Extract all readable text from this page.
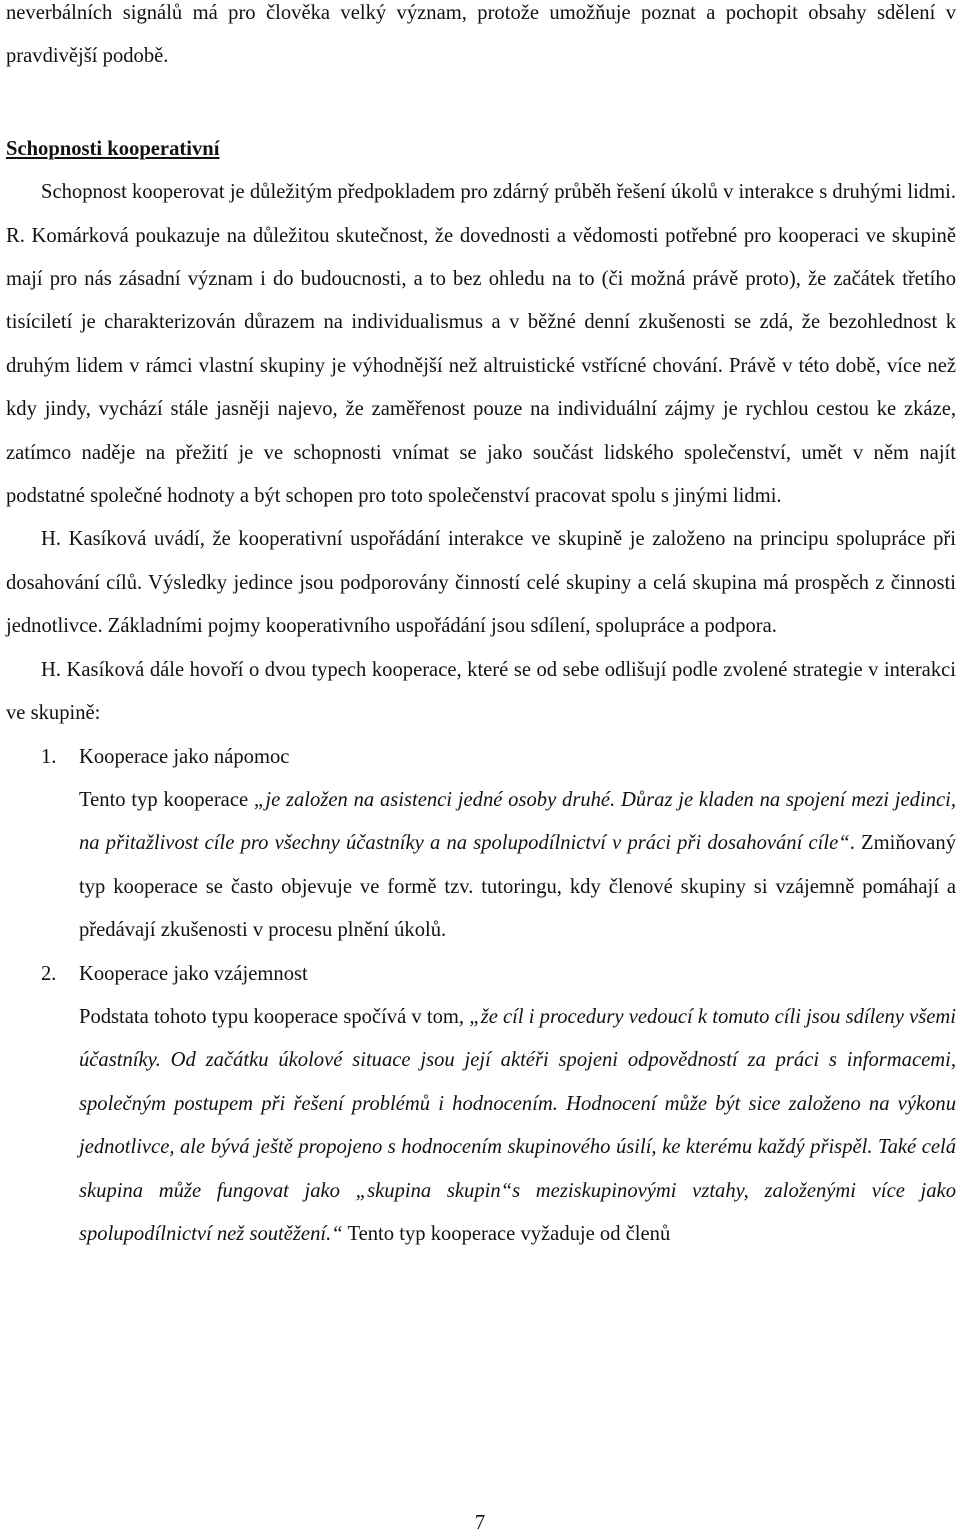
neverbálních signálů má pro člověka velký význam, protože umožňuje poznat a pochopit obsahy sdělení v pravdivější podobě.

Schopnosti kooperativní

Schopnost kooperovat je důležitým předpokladem pro zdárný průběh řešení úkolů v interakce s druhými lidmi. R. Komárková poukazuje na důležitou skutečnost, že dovednosti a vědomosti potřebné pro kooperaci ve skupině mají pro nás zásadní význam i do budoucnosti, a to bez ohledu na to (či možná právě proto), že začátek třetího tisíciletí je charakterizován důrazem na individualismus a v běžné denní zkušenosti se zdá, že bezohlednost k druhým lidem v rámci vlastní skupiny je výhodnější než altruistické vstřícné chování. Právě v této době, více než kdy jindy, vychází stále jasněji najevo, že zaměřenost pouze na individuální zájmy je rychlou cestou ke zkáze, zatímco naděje na přežití je ve schopnosti vnímat se jako součást lidského společenství, umět v něm najít podstatné společné hodnoty a být schopen pro toto společenství pracovat spolu s jinými lidmi.

H. Kasíková uvádí, že kooperativní uspořádání interakce ve skupině je založeno na principu spolupráce při dosahování cílů. Výsledky jedince jsou podporovány činností celé skupiny a celá skupina má prospěch z činnosti jednotlivce. Základními pojmy kooperativního uspořádání jsou sdílení, spolupráce a podpora.

H. Kasíková dále hovoří o dvou typech kooperace, které se od sebe odlišují podle zvolené strategie v interakci ve skupině:

1. Kooperace jako nápomoc

Tento typ kooperace „je založen na asistenci jedné osoby druhé. Důraz je kladen na spojení mezi jedinci, na přitažlivost cíle pro všechny účastníky a na spolupodílnictví v práci při dosahování cíle“. Zmiňovaný typ kooperace se často objevuje ve formě tzv. tutoringu, kdy členové skupiny si vzájemně pomáhají a předávají zkušenosti v procesu plnění úkolů.

2. Kooperace jako vzájemnost

Podstata tohoto typu kooperace spočívá v tom, „že cíl i procedury vedoucí k tomuto cíli jsou sdíleny všemi účastníky. Od začátku úkolové situace jsou její aktéři spojeni odpovědností za práci s informacemi, společným postupem při řešení problémů i hodnocením. Hodnocení může být sice založeno na výkonu jednotlivce, ale bývá ještě propojeno s hodnocením skupinového úsilí, ke kterému každý přispěl. Také celá skupina může fungovat jako „skupina skupin“s meziskupinovými vztahy, založenými více jako spolupodílnictví než soutěžení.“ Tento typ kooperace vyžaduje od členů

7
